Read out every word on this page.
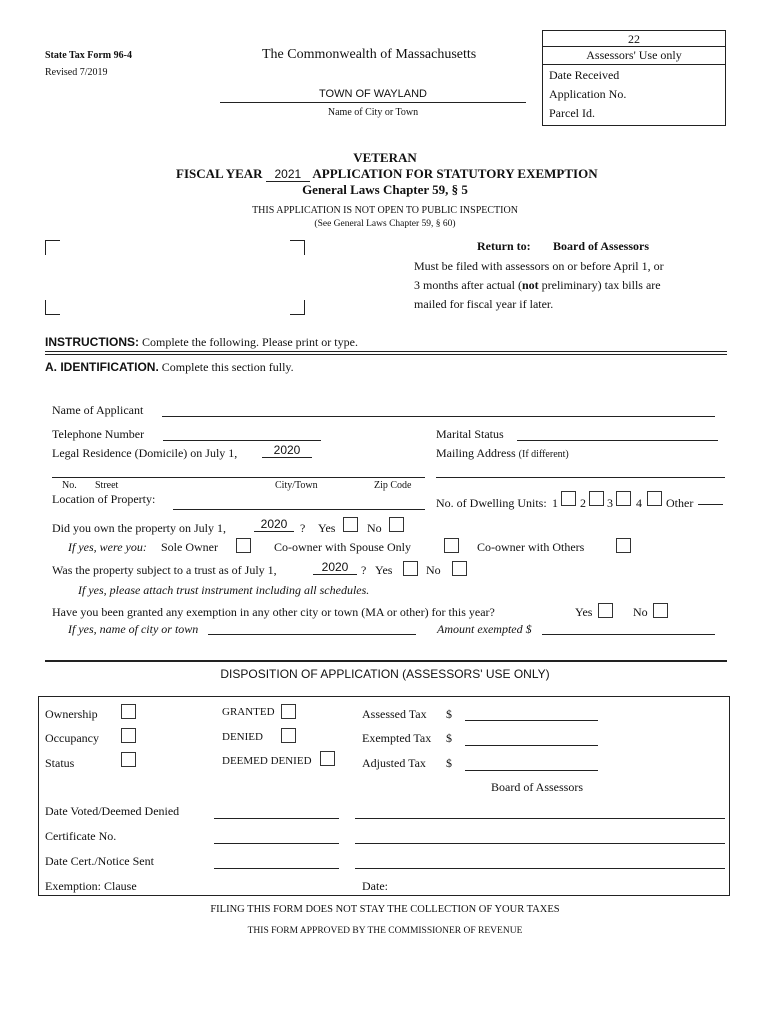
State Tax Form 96-4
Revised 7/2019
The Commonwealth of Massachusetts
TOWN OF WAYLAND
Name of City or Town
22
Assessors' Use only
Date Received
Application No.
Parcel Id.
VETERAN
FISCAL YEAR 2021 APPLICATION FOR STATUTORY EXEMPTION
General Laws Chapter 59, § 5
THIS APPLICATION IS NOT OPEN TO PUBLIC INSPECTION
(See General Laws Chapter 59, § 60)
Return to: Board of Assessors
Must be filed with assessors on or before April 1, or
3 months after actual (not preliminary) tax bills are
mailed for fiscal year if later.
INSTRUCTIONS: Complete the following. Please print or type.
A. IDENTIFICATION. Complete this section fully.
Name of Applicant
Telephone Number	Marital Status
Legal Residence (Domicile) on July 1,	2020	Mailing Address (If different)
No. Street	City/Town	Zip Code
Location of Property:	No. of Dwelling Units: 1 2 3 4 Other
Did you own the property on July 1,	2020	? Yes	No
If yes, were you: Sole Owner	Co-owner with Spouse Only	Co-owner with Others
Was the property subject to a trust as of July 1,	2020	? Yes	No
If yes, please attach trust instrument including all schedules.
Have you been granted any exemption in any other city or town (MA or other) for this year?	Yes	No
If yes, name of city or town	Amount exempted $
DISPOSITION OF APPLICATION (ASSESSORS' USE ONLY)
Ownership
Occupancy
Status
GRANTED
DENIED
DEEMED DENIED
Assessed Tax $
Exempted Tax $
Adjusted Tax $
Board of Assessors
Date Voted/Deemed Denied
Certificate No.
Date Cert./Notice Sent
Exemption: Clause	Date:
FILING THIS FORM DOES NOT STAY THE COLLECTION OF YOUR TAXES
THIS FORM APPROVED BY THE COMMISSIONER OF REVENUE
